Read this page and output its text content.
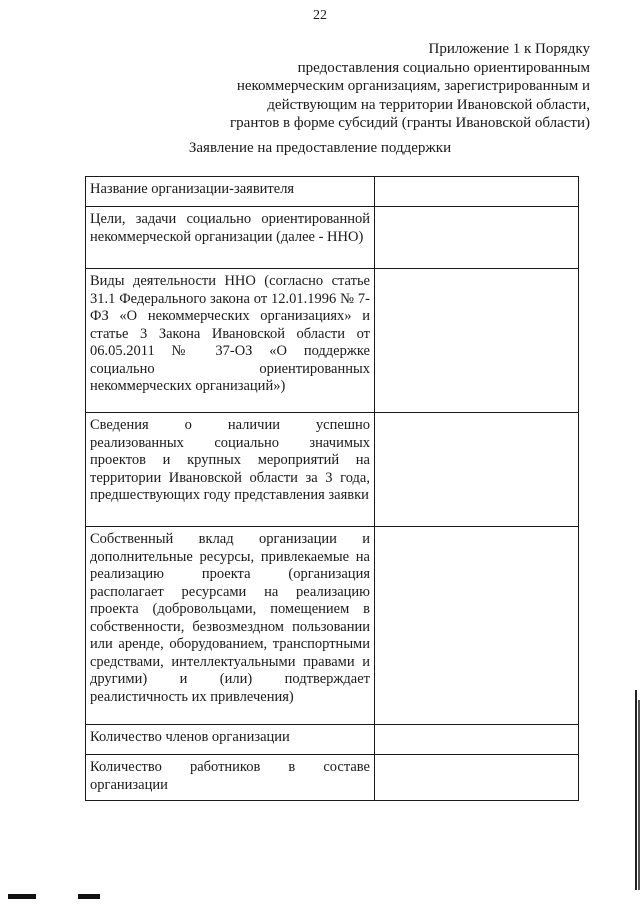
22
Приложение 1 к Порядку
предоставления социально ориентированным
некоммерческим организациям, зарегистрированным и
действующим на территории Ивановской области,
грантов в форме субсидий (гранты Ивановской области)
Заявление на предоставление поддержки
Название организации-заявителя	
Цели, задачи социально ориентированной некоммерческой организации (далее - НHO)	
Виды деятельности НHO (согласно статье 31.1 Федерального закона от 12.01.1996 № 7-ФЗ «О некоммерческих организациях» и статье 3 Закона Ивановской области от 06.05.2011 № 37-ОЗ «О поддержке социально ориентированных некоммерческих организаций»)	
Сведения о наличии успешно реализованных социально значимых проектов и крупных мероприятий на территории Ивановской области за 3 года, предшествующих году представления заявки	
Собственный вклад организации и дополнительные ресурсы, привлекаемые на реализацию проекта (организация располагает ресурсами на реализацию проекта (добровольцами, помещением в собственности, безвозмездном пользовании или аренде, оборудованием, транспортными средствами, интеллектуальными правами и другими) и (или) подтверждает реалистичность их привлечения)	
Количество членов организации	
Количество работников в составе организации	
